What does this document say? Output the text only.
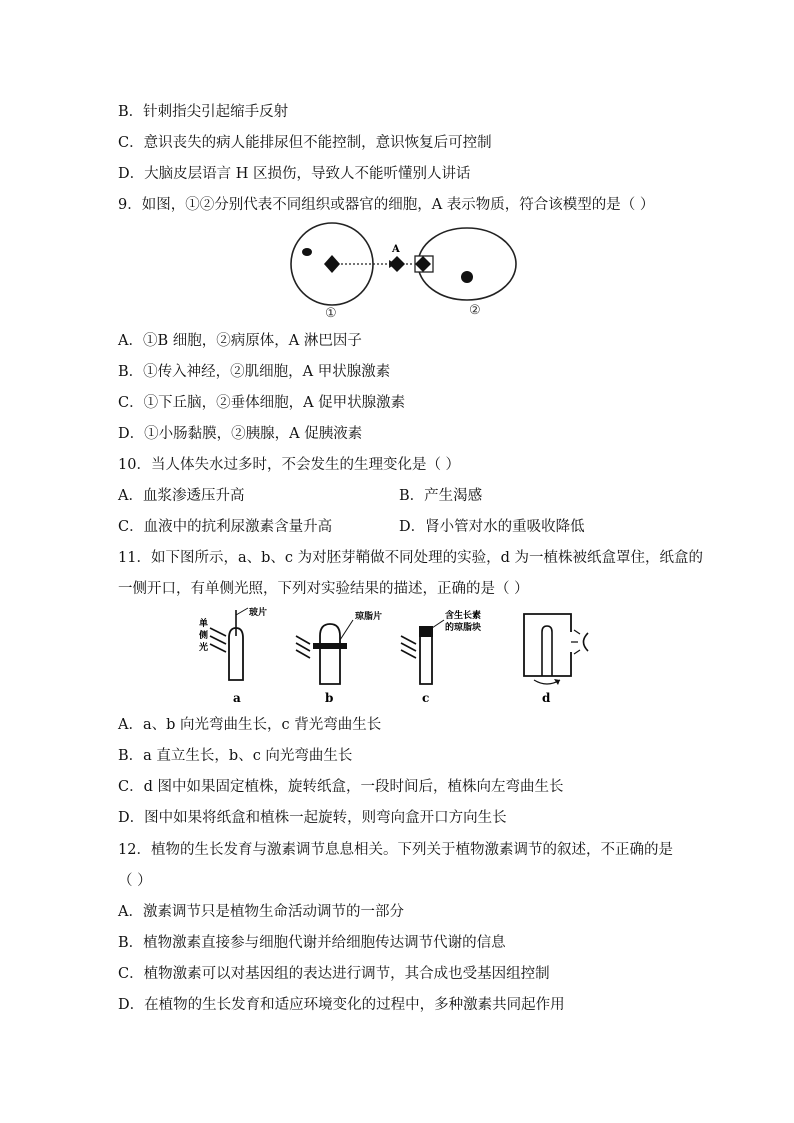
B．针刺指尖引起缩手反射
C．意识丧失的病人能排尿但不能控制，意识恢复后可控制
D．大脑皮层语言 H 区损伤，导致人不能听懂别人讲话
9．如图，①②分别代表不同组织或器官的细胞，A 表示物质，符合该模型的是（ ）
A
①	②
A．①B 细胞，②病原体，A 淋巴因子
B．①传入神经，②肌细胞，A 甲状腺激素
C．①下丘脑，②垂体细胞，A 促甲状腺激素
D．①小肠黏膜，②胰腺，A 促胰液素
10．当人体失水过多时，不会发生的生理变化是（ ）
A．血浆渗透压升高	B．产生渴感
C．血液中的抗利尿激素含量升高	D．肾小管对水的重吸收降低
11．如下图所示，a、b、c 为对胚芽鞘做不同处理的实验，d 为一植株被纸盒罩住，纸盒的
一侧开口，有单侧光照，下列对实验结果的描述，正确的是（ ）
单
侧
光
玻片
a
琼脂片
b
含生长素
的琼脂块
c	d
A．a、b 向光弯曲生长，c 背光弯曲生长
B．a 直立生长，b、c 向光弯曲生长
C．d 图中如果固定植株，旋转纸盒，一段时间后，植株向左弯曲生长
D．图中如果将纸盒和植株一起旋转，则弯向盒开口方向生长
12．植物的生长发育与激素调节息息相关。下列关于植物激素调节的叙述，不正确的是
（ ）
A．激素调节只是植物生命活动调节的一部分
B．植物激素直接参与细胞代谢并给细胞传达调节代谢的信息
C．植物激素可以对基因组的表达进行调节，其合成也受基因组控制
D．在植物的生长发育和适应环境变化的过程中，多种激素共同起作用
